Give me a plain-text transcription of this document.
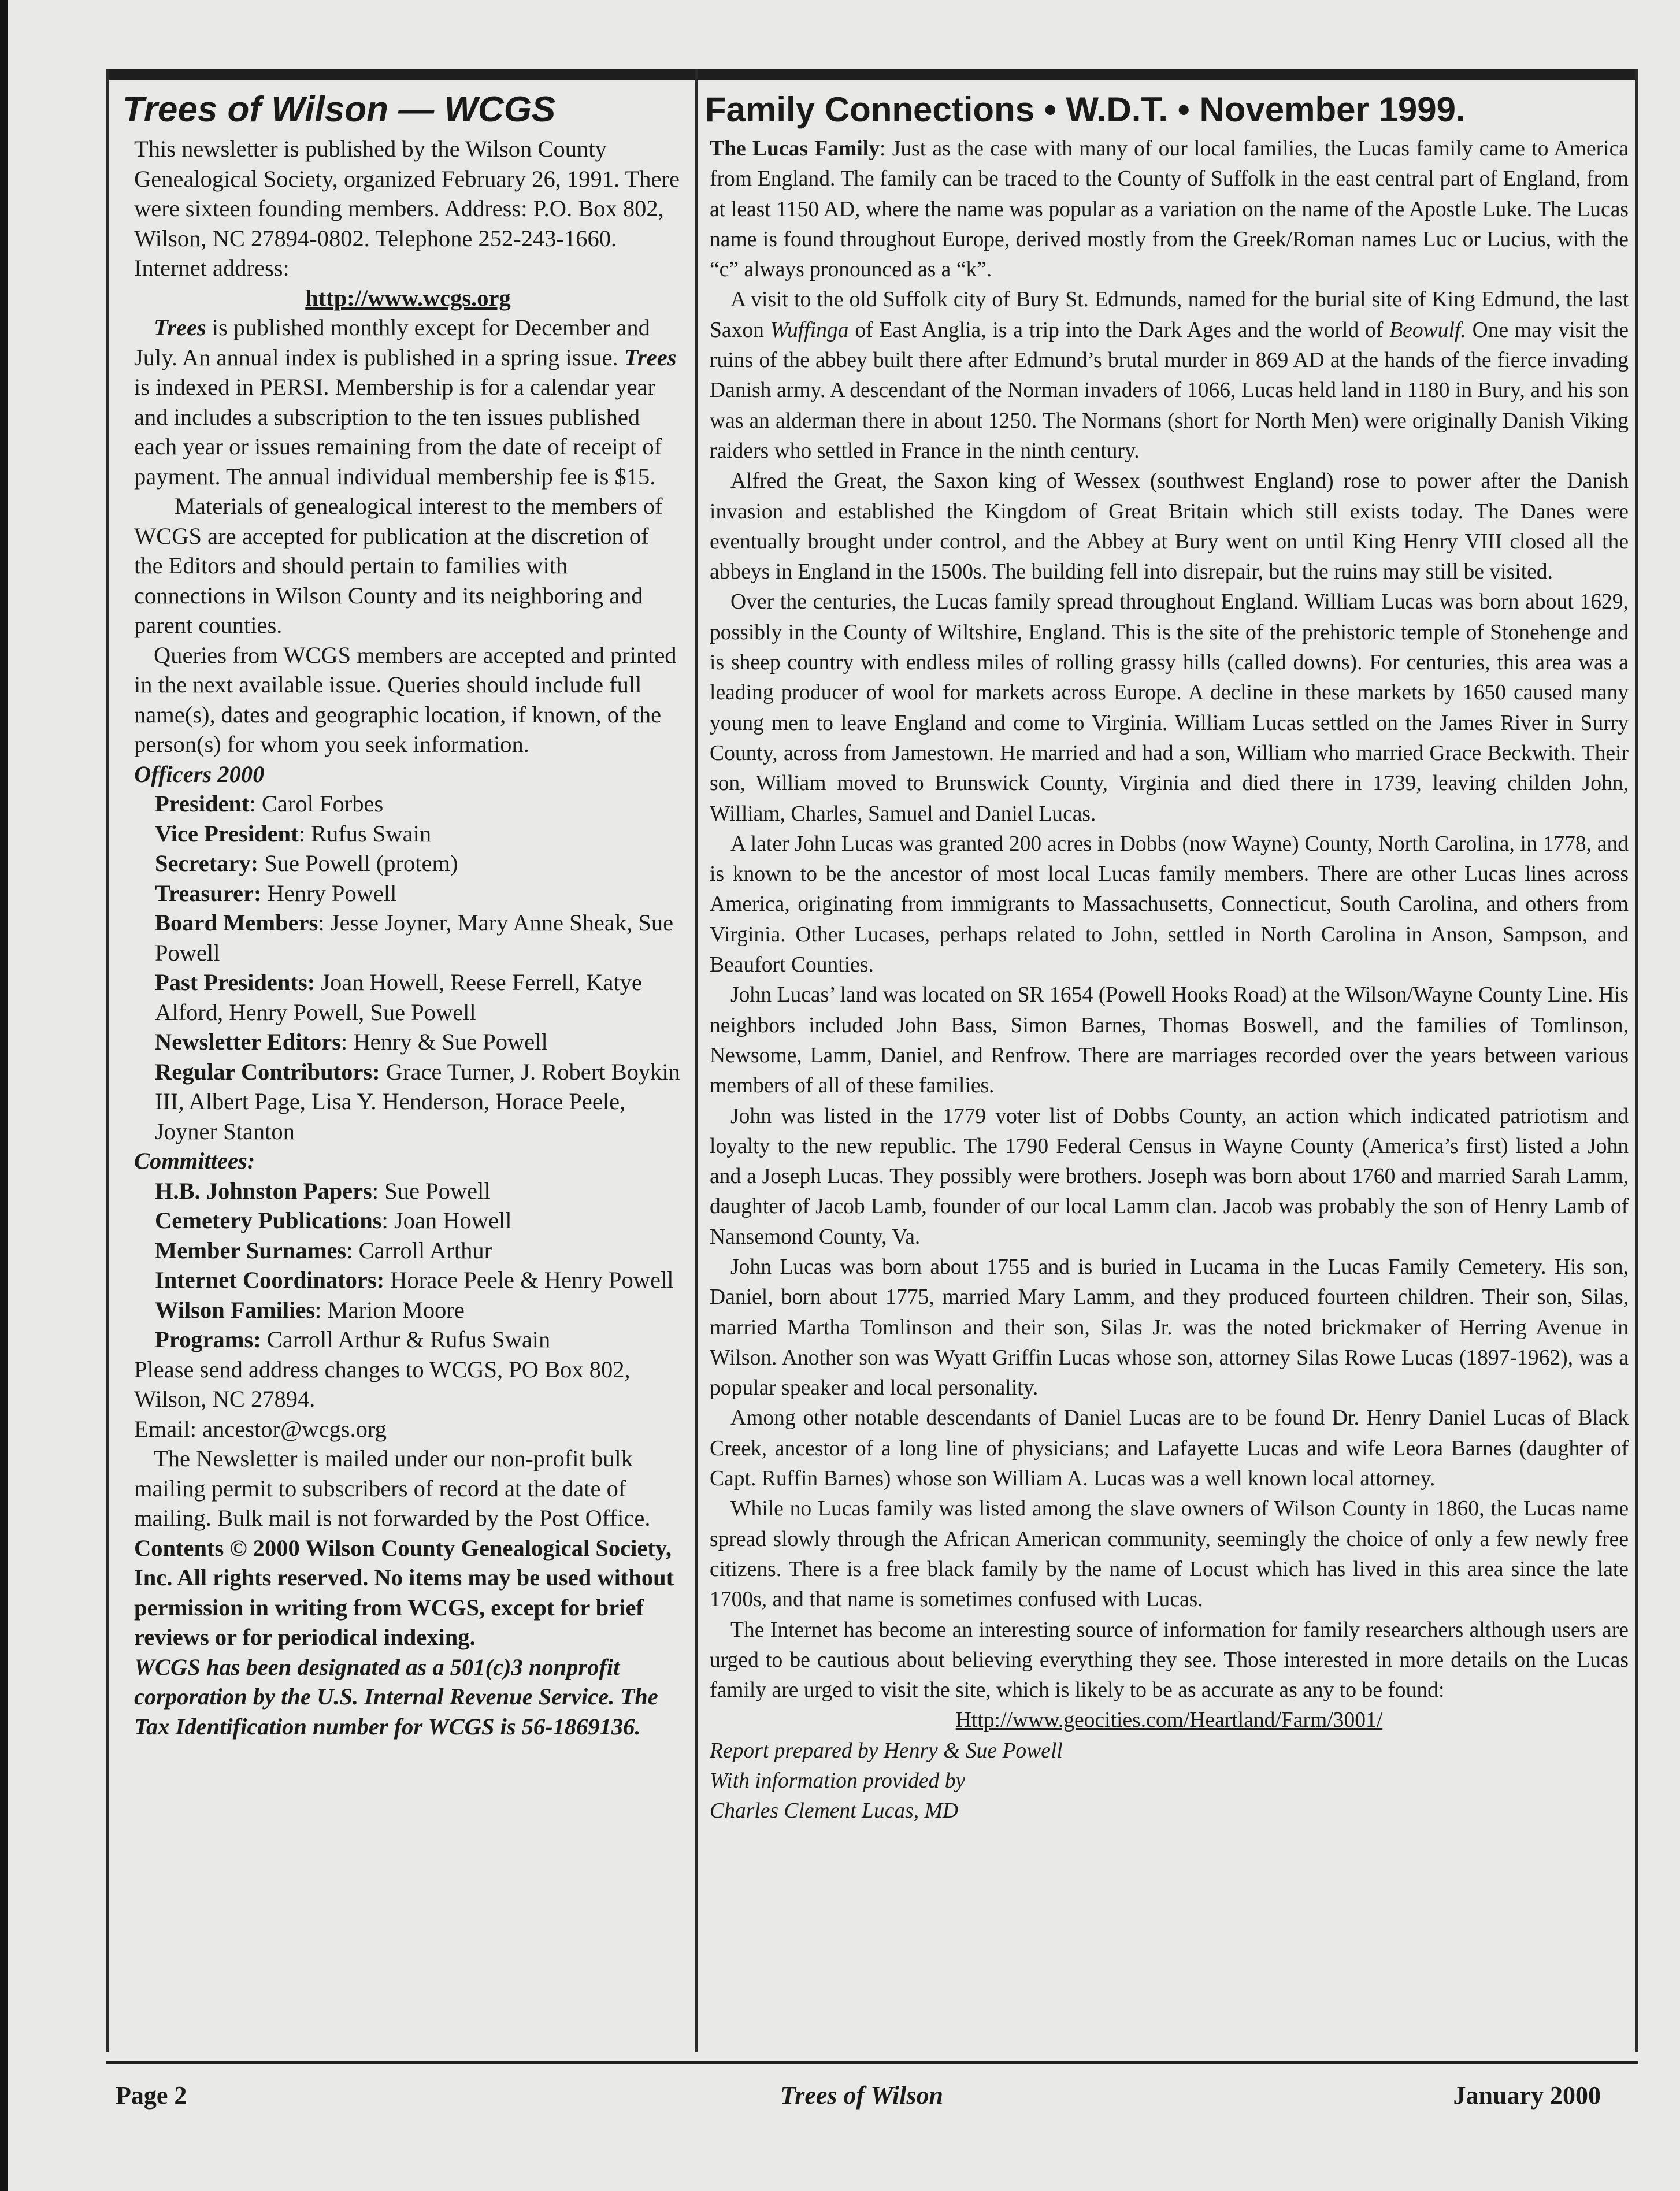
Trees of Wilson — WCGS

This newsletter is published by the Wilson County Genealogical Society, organized February 26, 1991. There were sixteen founding members. Address: P.O. Box 802, Wilson, NC 27894-0802. Telephone 252-243-1660. Internet address:

http://www.wcgs.org

Trees is published monthly except for December and July. An annual index is published in a spring issue. Trees is indexed in PERSI. Membership is for a calendar year and includes a subscription to the ten issues published each year or issues remaining from the date of receipt of payment. The annual individual membership fee is $15.

Materials of genealogical interest to the members of WCGS are accepted for publication at the discretion of the Editors and should pertain to families with connections in Wilson County and its neighboring and parent counties.

Queries from WCGS members are accepted and printed in the next available issue. Queries should include full name(s), dates and geographic location, if known, of the person(s) for whom you seek information.

Officers 2000

President: Carol Forbes

Vice President: Rufus Swain

Secretary: Sue Powell (protem)

Treasurer: Henry Powell

Board Members: Jesse Joyner, Mary Anne Sheak, Sue Powell

Past Presidents: Joan Howell, Reese Ferrell, Katye Alford, Henry Powell, Sue Powell

Newsletter Editors: Henry & Sue Powell

Regular Contributors: Grace Turner, J. Robert Boykin III, Albert Page, Lisa Y. Henderson, Horace Peele, Joyner Stanton

Committees:

H.B. Johnston Papers: Sue Powell

Cemetery Publications: Joan Howell

Member Surnames: Carroll Arthur

Internet Coordinators: Horace Peele & Henry Powell

Wilson Families: Marion Moore

Programs: Carroll Arthur & Rufus Swain

Please send address changes to WCGS, PO Box 802, Wilson, NC 27894.

Email: ancestor@wcgs.org

The Newsletter is mailed under our non-profit bulk mailing permit to subscribers of record at the date of mailing. Bulk mail is not forwarded by the Post Office.

Contents © 2000 Wilson County Genealogical Society, Inc. All rights reserved. No items may be used without permission in writing from WCGS, except for brief reviews or for periodical indexing.

WCGS has been designated as a 501(c)3 nonprofit corporation by the U.S. Internal Revenue Service. The Tax Identification number for WCGS is 56-1869136.

Family Connections • W.D.T. • November 1999.

The Lucas Family: Just as the case with many of our local families, the Lucas family came to America from England. The family can be traced to the County of Suffolk in the east central part of England, from at least 1150 AD, where the name was popular as a variation on the name of the Apostle Luke. The Lucas name is found throughout Europe, derived mostly from the Greek/Roman names Luc or Lucius, with the “c” always pronounced as a “k”.

A visit to the old Suffolk city of Bury St. Edmunds, named for the burial site of King Edmund, the last Saxon Wuffinga of East Anglia, is a trip into the Dark Ages and the world of Beowulf. One may visit the ruins of the abbey built there after Edmund’s brutal murder in 869 AD at the hands of the fierce invading Danish army. A descendant of the Norman invaders of 1066, Lucas held land in 1180 in Bury, and his son was an alderman there in about 1250. The Normans (short for North Men) were originally Danish Viking raiders who settled in France in the ninth century.

Alfred the Great, the Saxon king of Wessex (southwest England) rose to power after the Danish invasion and established the Kingdom of Great Britain which still exists today. The Danes were eventually brought under control, and the Abbey at Bury went on until King Henry VIII closed all the abbeys in England in the 1500s. The building fell into disrepair, but the ruins may still be visited.

Over the centuries, the Lucas family spread throughout England. William Lucas was born about 1629, possibly in the County of Wiltshire, England. This is the site of the prehistoric temple of Stonehenge and is sheep country with endless miles of rolling grassy hills (called downs). For centuries, this area was a leading producer of wool for markets across Europe. A decline in these markets by 1650 caused many young men to leave England and come to Virginia. William Lucas settled on the James River in Surry County, across from Jamestown. He married and had a son, William who married Grace Beckwith. Their son, William moved to Brunswick County, Virginia and died there in 1739, leaving childen John, William, Charles, Samuel and Daniel Lucas.

A later John Lucas was granted 200 acres in Dobbs (now Wayne) County, North Carolina, in 1778, and is known to be the ancestor of most local Lucas family members. There are other Lucas lines across America, originating from immigrants to Massachusetts, Connecticut, South Carolina, and others from Virginia. Other Lucases, perhaps related to John, settled in North Carolina in Anson, Sampson, and Beaufort Counties.

John Lucas’ land was located on SR 1654 (Powell Hooks Road) at the Wilson/Wayne County Line. His neighbors included John Bass, Simon Barnes, Thomas Boswell, and the families of Tomlinson, Newsome, Lamm, Daniel, and Renfrow. There are marriages recorded over the years between various members of all of these families.

John was listed in the 1779 voter list of Dobbs County, an action which indicated patriotism and loyalty to the new republic. The 1790 Federal Census in Wayne County (America’s first) listed a John and a Joseph Lucas. They possibly were brothers. Joseph was born about 1760 and married Sarah Lamm, daughter of Jacob Lamb, founder of our local Lamm clan. Jacob was probably the son of Henry Lamb of Nansemond County, Va.

John Lucas was born about 1755 and is buried in Lucama in the Lucas Family Cemetery. His son, Daniel, born about 1775, married Mary Lamm, and they produced fourteen children. Their son, Silas, married Martha Tomlinson and their son, Silas Jr. was the noted brickmaker of Herring Avenue in Wilson. Another son was Wyatt Griffin Lucas whose son, attorney Silas Rowe Lucas (1897-1962), was a popular speaker and local personality.

Among other notable descendants of Daniel Lucas are to be found Dr. Henry Daniel Lucas of Black Creek, ancestor of a long line of physicians; and Lafayette Lucas and wife Leora Barnes (daughter of Capt. Ruffin Barnes) whose son William A. Lucas was a well known local attorney.

While no Lucas family was listed among the slave owners of Wilson County in 1860, the Lucas name spread slowly through the African American community, seemingly the choice of only a few newly free citizens. There is a free black family by the name of Locust which has lived in this area since the late 1700s, and that name is sometimes confused with Lucas.

The Internet has become an interesting source of information for family researchers although users are urged to be cautious about believing everything they see. Those interested in more details on the Lucas family are urged to visit the site, which is likely to be as accurate as any to be found:

Http://www.geocities.com/Heartland/Farm/3001/

Report prepared by Henry & Sue Powell

With information provided by

Charles Clement Lucas, MD

Page 2	Trees of Wilson	January 2000
